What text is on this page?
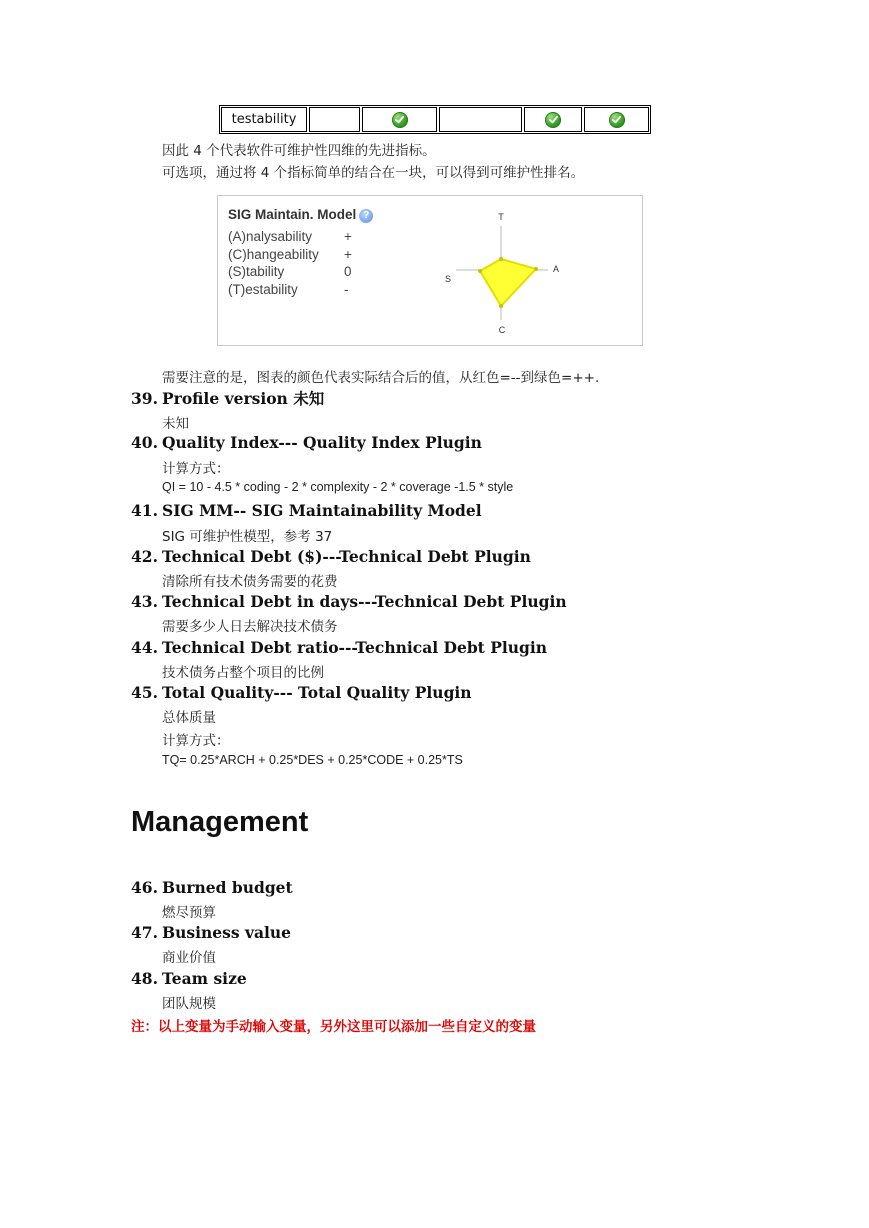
testability
因此 4 个代表软件可维护性四维的先进指标。
可选项，通过将 4 个指标简单的结合在一块，可以得到可维护性排名。
SIG Maintain. Model ?
(A)nalysability +
(C)hangeability +
(S)tability	0
(T)estability	-
T
A
C
S
需要注意的是，图表的颜色代表实际结合后的值，从红色=--到绿色=++.
39. Profile version 未知
未知
40. Quality Index--- Quality Index Plugin
计算方式：
QI = 10 - 4.5 * coding - 2 * complexity - 2 * coverage -1.5 * style
41. SIG MM-- SIG Maintainability Model
SIG 可维护性模型，参考 37
42. Technical Debt ($)---Technical Debt Plugin
清除所有技术债务需要的花费
43. Technical Debt in days---Technical Debt Plugin
需要多少人日去解决技术债务
44. Technical Debt ratio---Technical Debt Plugin
技术债务占整个项目的比例
45. Total Quality--- Total Quality Plugin
总体质量
计算方式：
TQ= 0.25*ARCH + 0.25*DES + 0.25*CODE + 0.25*TS
Management
46. Burned budget
燃尽预算
47. Business value
商业价值
48. Team size
团队规模
注：以上变量为手动输入变量，另外这里可以添加一些自定义的变量
